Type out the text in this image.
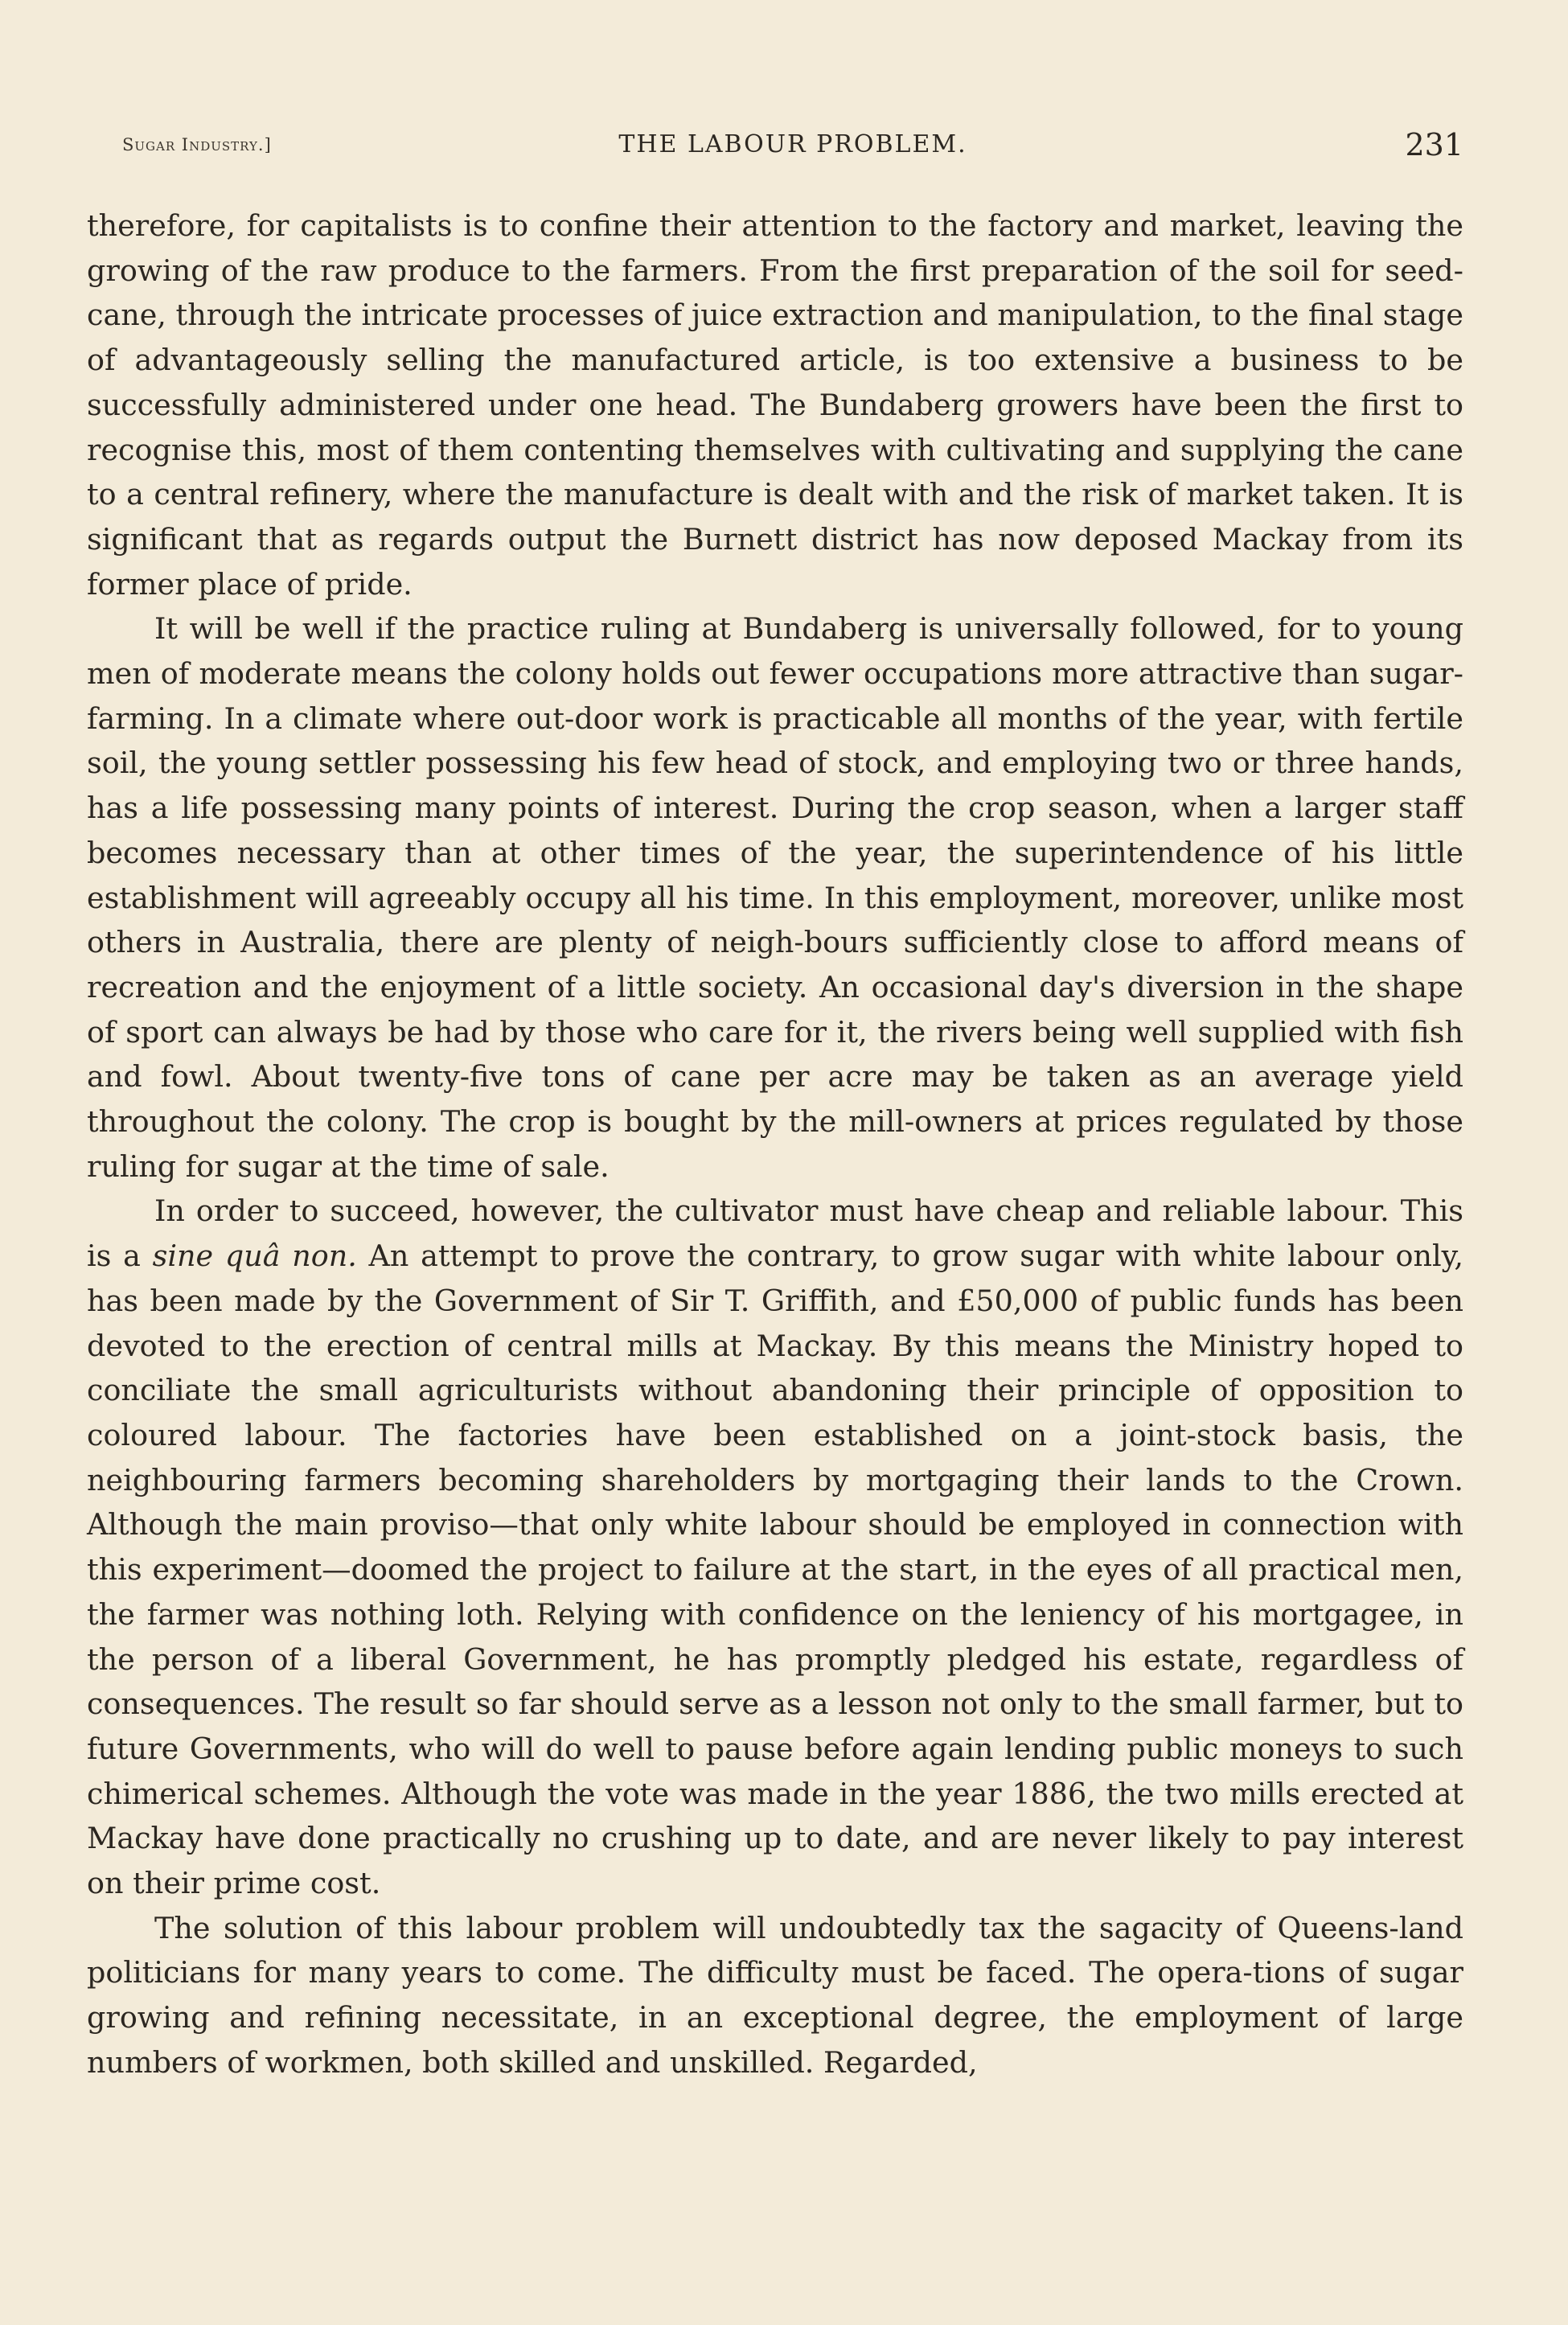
Sugar Industry.]	THE LABOUR PROBLEM.	231

therefore, for capitalists is to confine their attention to the factory and market, leaving the growing of the raw produce to the farmers. From the first preparation of the soil for seed-cane, through the intricate processes of juice extraction and manipulation, to the final stage of advantageously selling the manufactured article, is too extensive a business to be successfully administered under one head. The Bundaberg growers have been the first to recognise this, most of them contenting themselves with cultivating and supplying the cane to a central refinery, where the manufacture is dealt with and the risk of market taken. It is significant that as regards output the Burnett district has now deposed Mackay from its former place of pride.

It will be well if the practice ruling at Bundaberg is universally followed, for to young men of moderate means the colony holds out fewer occupations more attractive than sugar-farming. In a climate where out-door work is practicable all months of the year, with fertile soil, the young settler possessing his few head of stock, and employing two or three hands, has a life possessing many points of interest. During the crop season, when a larger staff becomes necessary than at other times of the year, the superintendence of his little establishment will agreeably occupy all his time. In this employment, moreover, unlike most others in Australia, there are plenty of neigh-bours sufficiently close to afford means of recreation and the enjoyment of a little society. An occasional day's diversion in the shape of sport can always be had by those who care for it, the rivers being well supplied with fish and fowl. About twenty-five tons of cane per acre may be taken as an average yield throughout the colony. The crop is bought by the mill-owners at prices regulated by those ruling for sugar at the time of sale.

In order to succeed, however, the cultivator must have cheap and reliable labour. This is a sine quâ non. An attempt to prove the contrary, to grow sugar with white labour only, has been made by the Government of Sir T. Griffith, and £50,000 of public funds has been devoted to the erection of central mills at Mackay. By this means the Ministry hoped to conciliate the small agriculturists without abandoning their principle of opposition to coloured labour. The factories have been established on a joint-stock basis, the neighbouring farmers becoming shareholders by mortgaging their lands to the Crown. Although the main proviso—that only white labour should be employed in connection with this experiment—doomed the project to failure at the start, in the eyes of all practical men, the farmer was nothing loth. Relying with confidence on the leniency of his mortgagee, in the person of a liberal Government, he has promptly pledged his estate, regardless of consequences. The result so far should serve as a lesson not only to the small farmer, but to future Governments, who will do well to pause before again lending public moneys to such chimerical schemes. Although the vote was made in the year 1886, the two mills erected at Mackay have done practically no crushing up to date, and are never likely to pay interest on their prime cost.

The solution of this labour problem will undoubtedly tax the sagacity of Queens-land politicians for many years to come. The difficulty must be faced. The opera-tions of sugar growing and refining necessitate, in an exceptional degree, the employment of large numbers of workmen, both skilled and unskilled. Regarded,
